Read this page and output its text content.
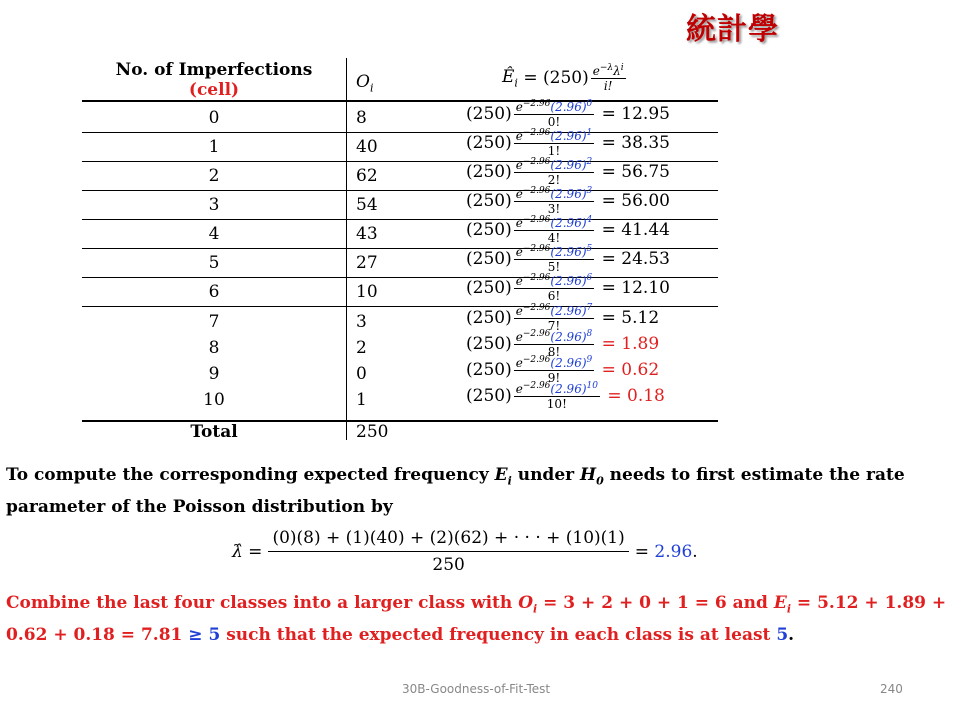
統計學
No. of Imperfections
(cell)	$O_i$
$Ê_i = (250) \frac{e^{-\lambda}\lambda^i}{i!}$
0	8	$(250) \frac{e^{-2.96}(2.96)^0}{0!}$
= 12.95
1	40	$(250) \frac{e^{-2.96}(2.96)^1}{1!}$
= 38.35
2	62	$(250) \frac{e^{-2.96}(2.96)^2}{2!}$
= 56.75
3	54	$(250) \frac{e^{-2.96}(2.96)^3}{3!}$
= 56.00
4	43	$(250) \frac{e^{-2.96}(2.96)^4}{4!}$
= 41.44
5	27	$(250) \frac{e^{-2.96}(2.96)^5}{5!}$
= 24.53
6	10	$(250) \frac{e^{-2.96}(2.96)^6}{6!}$
= 12.10
7	3	$(250) \frac{e^{-2.96}(2.96)^7}{7!}$
= 5.12
8	2	$(250) \frac{e^{-2.96}(2.96)^8}{8!}$
= 1.89
9	0	$(250) \frac{e^{-2.96}(2.96)^9}{9!}$
= 0.62
10	1	$(250) \frac{e^{-2.96}(2.96)^{10}}{10!}$
= 0.18
Total	250
To compute the corresponding expected frequency $E_i$ under $H_0$ needs to first estimate the rate parameter of the Poisson distribution by
λ̂ = $\frac{(0)(8) + (1)(40) + (2)(62) + \cdot \cdot \cdot + (10)(1)}{250} = 2.96$ .
Combine the last four classes into a larger class with $O_i = 3 + 2 + 0 + 1 = 6$ and $E_i = 5.12 + 1.89 + 0.62 + 0.18 = 7.81 \ge 5$ such that the expected frequency in each class is at least 5.
30B-Goodness-of-Fit-Test	240
